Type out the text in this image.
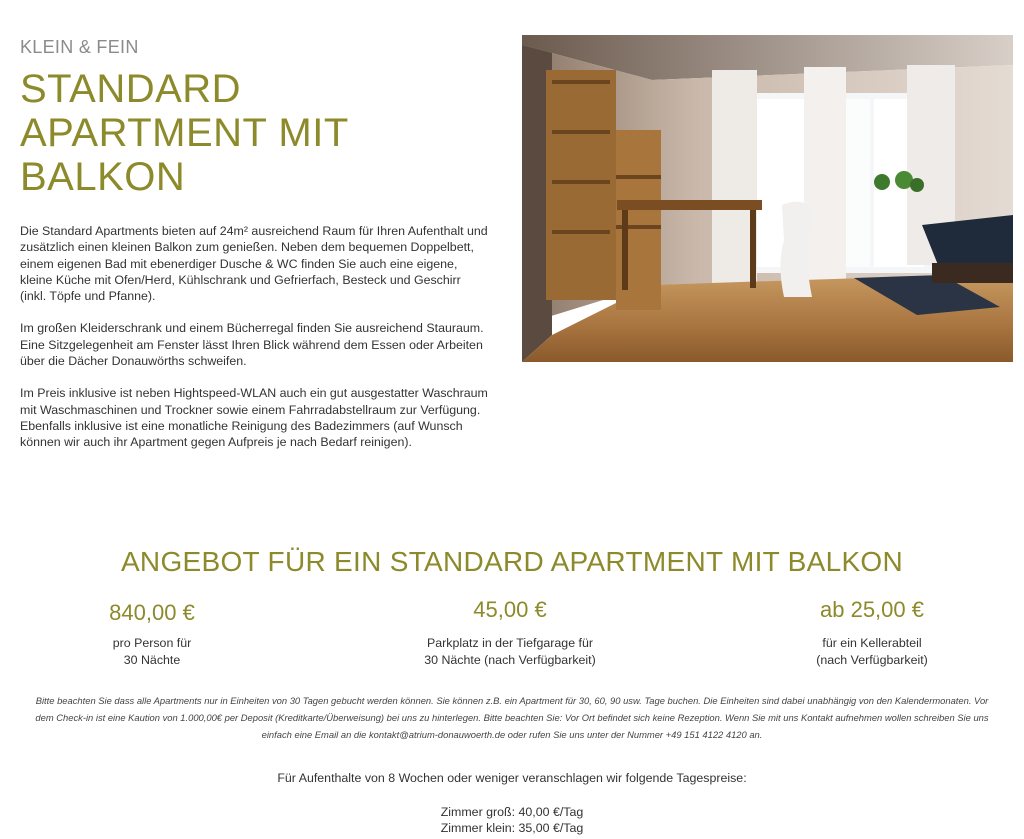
KLEIN & FEIN
STANDARD
APARTMENT MIT
BALKON

Die Standard Apartments bieten auf 24m² ausreichend Raum für Ihren Aufenthalt und zusätzlich einen kleinen Balkon zum genießen. Neben dem bequemen Doppelbett, einem eigenen Bad mit ebenerdiger Dusche & WC finden Sie auch eine eigene, kleine Küche mit Ofen/Herd, Kühlschrank und Gefrierfach, Besteck und Geschirr (inkl. Töpfe und Pfanne).

Im großen Kleiderschrank und einem Bücherregal finden Sie ausreichend Stauraum. Eine Sitzgelegenheit am Fenster lässt Ihren Blick während dem Essen oder Arbeiten über die Dächer Donauwörths schweifen.

Im Preis inklusive ist neben Hightspeed-WLAN auch ein gut ausgestatter Waschraum mit Waschmaschinen und Trockner sowie einem Fahrradabstellraum zur Verfügung. Ebenfalls inklusive ist eine monatliche Reinigung des Badezimmers (auf Wunsch können wir auch ihr Apartment gegen Aufpreis je nach Bedarf reinigen).

ANGEBOT FÜR EIN STANDARD APARTMENT MIT BALKON
840,00 €
pro Person für
30 Nächte
45,00 €
Parkplatz in der Tiefgarage für
30 Nächte (nach Verfügbarkeit)
ab 25,00 €
für ein Kellerabteil
(nach Verfügbarkeit)

Bitte beachten Sie dass alle Apartments nur in Einheiten von 30 Tagen gebucht werden können. Sie können z.B. ein Apartment für 30, 60, 90 usw. Tage buchen. Die Einheiten sind dabei unabhängig von den Kalendermonaten. Vor
dem Check-in ist eine Kaution von 1.000,00€ per Deposit (Kreditkarte/Überweisung) bei uns zu hinterlegen. Bitte beachten Sie: Vor Ort befindet sich keine Rezeption. Wenn Sie mit uns Kontakt aufnehmen wollen schreiben Sie uns
einfach eine Email an die kontakt@atrium-donauwoerth.de oder rufen Sie uns unter der Nummer +49 151 4122 4120 an.

Für Aufenthalte von 8 Wochen oder weniger veranschlagen wir folgende Tagespreise:
Zimmer groß: 40,00 €/Tag
Zimmer klein: 35,00 €/Tag
